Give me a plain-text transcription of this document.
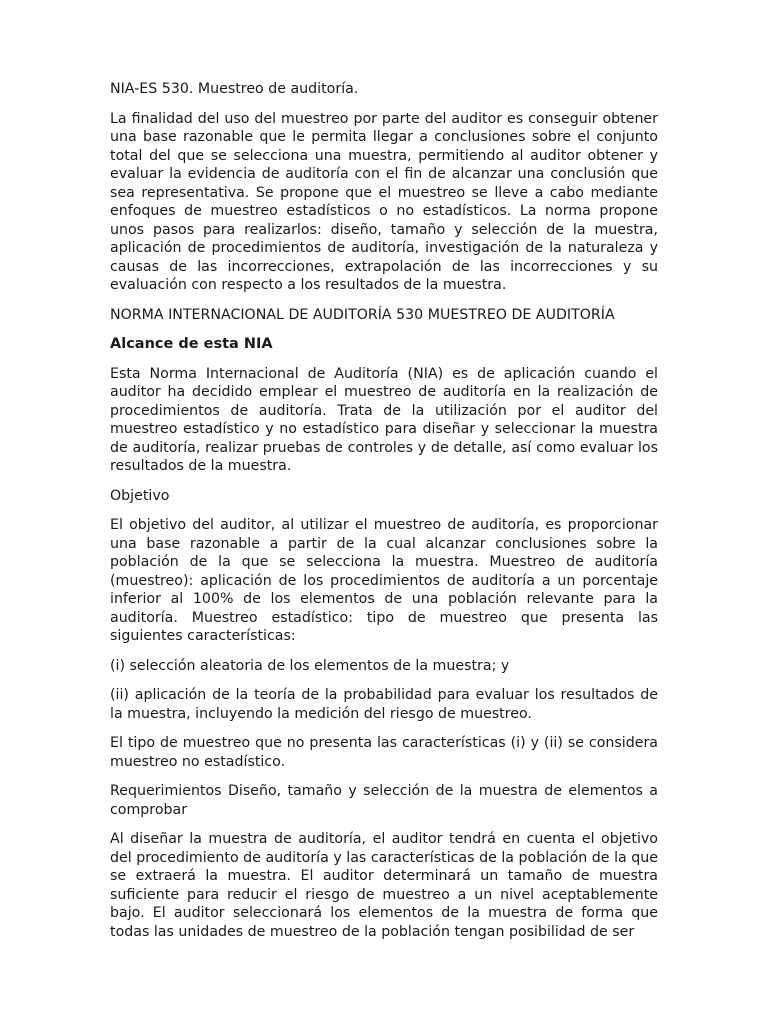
NIA-ES 530. Muestreo de auditoría.

La finalidad del uso del muestreo por parte del auditor es conseguir obtener una base razonable que le permita llegar a conclusiones sobre el conjunto total del que se selecciona una muestra, permitiendo al auditor obtener y evaluar la evidencia de auditoría con el fin de alcanzar una conclusión que sea representativa. Se propone que el muestreo se lleve a cabo mediante enfoques de muestreo estadísticos o no estadísticos. La norma propone unos pasos para realizarlos: diseño, tamaño y selección de la muestra, aplicación de procedimientos de auditoría, investigación de la naturaleza y causas de las incorrecciones, extrapolación de las incorrecciones y su evaluación con respecto a los resultados de la muestra.

NORMA INTERNACIONAL DE AUDITORÍA 530 MUESTREO DE AUDITORÍA

Alcance de esta NIA

Esta Norma Internacional de Auditoría (NIA) es de aplicación cuando el auditor ha decidido emplear el muestreo de auditoría en la realización de procedimientos de auditoría. Trata de la utilización por el auditor del muestreo estadístico y no estadístico para diseñar y seleccionar la muestra de auditoría, realizar pruebas de controles y de detalle, así como evaluar los resultados de la muestra.

Objetivo

El objetivo del auditor, al utilizar el muestreo de auditoría, es proporcionar una base razonable a partir de la cual alcanzar conclusiones sobre la población de la que se selecciona la muestra. Muestreo de auditoría (muestreo): aplicación de los procedimientos de auditoría a un porcentaje inferior al 100% de los elementos de una población relevante para la auditoría. Muestreo estadístico: tipo de muestreo que presenta las siguientes características:

(i) selección aleatoria de los elementos de la muestra; y

(ii) aplicación de la teoría de la probabilidad para evaluar los resultados de la muestra, incluyendo la medición del riesgo de muestreo.

El tipo de muestreo que no presenta las características (i) y (ii) se considera muestreo no estadístico.

Requerimientos Diseño, tamaño y selección de la muestra de elementos a comprobar

Al diseñar la muestra de auditoría, el auditor tendrá en cuenta el objetivo del procedimiento de auditoría y las características de la población de la que se extraerá la muestra. El auditor determinará un tamaño de muestra suficiente para reducir el riesgo de muestreo a un nivel aceptablemente bajo. El auditor seleccionará los elementos de la muestra de forma que todas las unidades de muestreo de la población tengan posibilidad de ser
